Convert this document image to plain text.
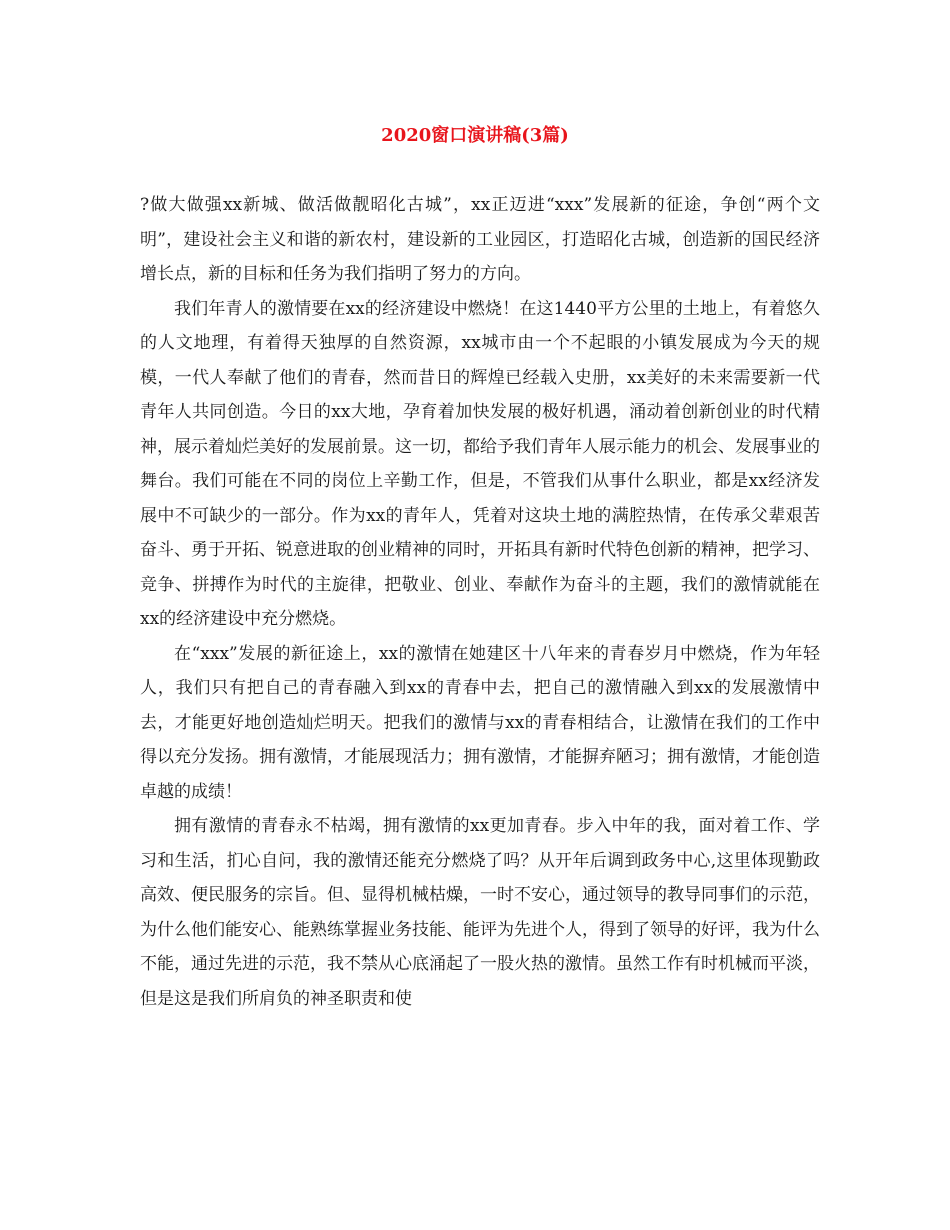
2020窗口演讲稿(3篇)

?做大做强xx新城、做活做靓昭化古城”，xx正迈进“xxx”发展新的征途，争创“两个文明”，建设社会主义和谐的新农村，建设新的工业园区，打造昭化古城，创造新的国民经济增长点，新的目标和任务为我们指明了努力的方向。

我们年青人的激情要在xx的经济建设中燃烧！在这1440平方公里的土地上，有着悠久的人文地理，有着得天独厚的自然资源，xx城市由一个不起眼的小镇发展成为今天的规模，一代人奉献了他们的青春，然而昔日的辉煌已经载入史册，xx美好的未来需要新一代青年人共同创造。今日的xx大地，孕育着加快发展的极好机遇，涌动着创新创业的时代精神，展示着灿烂美好的发展前景。这一切，都给予我们青年人展示能力的机会、发展事业的舞台。我们可能在不同的岗位上辛勤工作，但是，不管我们从事什么职业，都是xx经济发展中不可缺少的一部分。作为xx的青年人，凭着对这块土地的满腔热情，在传承父辈艰苦奋斗、勇于开拓、锐意进取的创业精神的同时，开拓具有新时代特色创新的精神，把学习、竞争、拼搏作为时代的主旋律，把敬业、创业、奉献作为奋斗的主题，我们的激情就能在xx的经济建设中充分燃烧。

在“xxx”发展的新征途上，xx的激情在她建区十八年来的青春岁月中燃烧，作为年轻人，我们只有把自己的青春融入到xx的青春中去，把自己的激情融入到xx的发展激情中去，才能更好地创造灿烂明天。把我们的激情与xx的青春相结合，让激情在我们的工作中得以充分发扬。拥有激情，才能展现活力；拥有激情，才能摒弃陋习；拥有激情，才能创造卓越的成绩！

拥有激情的青春永不枯竭，拥有激情的xx更加青春。步入中年的我，面对着工作、学习和生活，扪心自问，我的激情还能充分燃烧了吗？从开年后调到政务中心,这里体现勤政高效、便民服务的宗旨。但、显得机械枯燥，一时不安心，通过领导的教导同事们的示范，为什么他们能安心、能熟练掌握业务技能、能评为先进个人，得到了领导的好评，我为什么不能，通过先进的示范，我不禁从心底涌起了一股火热的激情。虽然工作有时机械而平淡，但是这是我们所肩负的神圣职责和使
